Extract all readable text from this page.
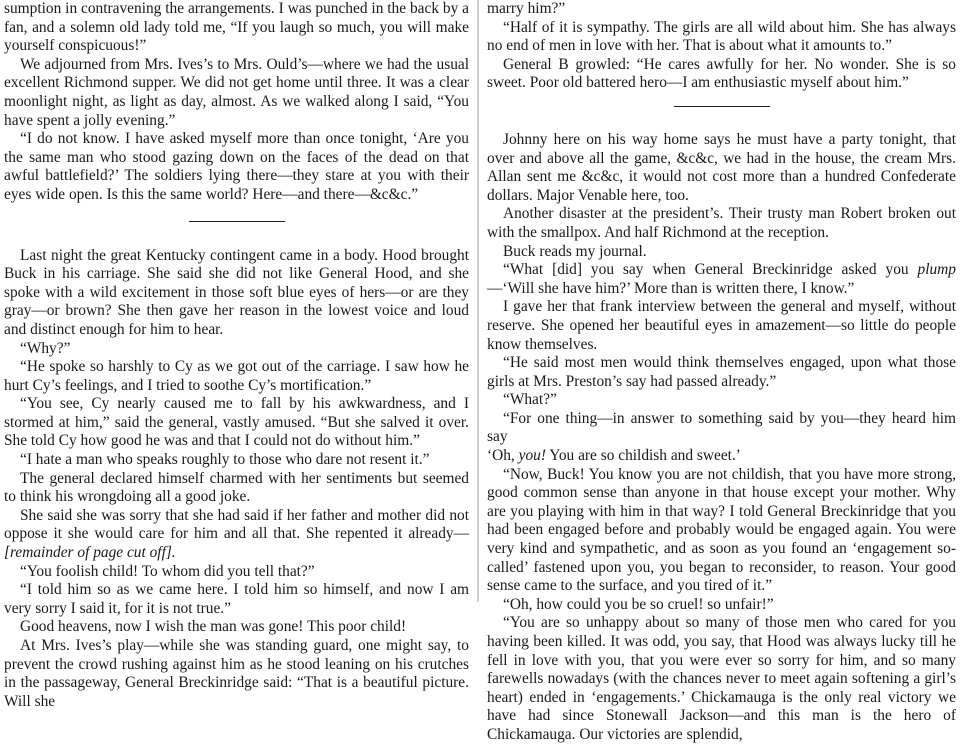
sumption in contravening the arrangements. I was punched in the back by a fan, and a solemn old lady told me, “If you laugh so much, you will make yourself conspicuous!”

We adjourned from Mrs. Ives’s to Mrs. Ould’s—where we had the usual excellent Richmond supper. We did not get home until three. It was a clear moonlight night, as light as day, almost. As we walked along I said, “You have spent a jolly evening.”

“I do not know. I have asked myself more than once tonight, ‘Are you the same man who stood gazing down on the faces of the dead on that awful battlefield?’ The soldiers lying there—they stare at you with their eyes wide open. Is this the same world? Here—and there—&c&c.”

Last night the great Kentucky contingent came in a body. Hood brought Buck in his carriage. She said she did not like General Hood, and she spoke with a wild excitement in those soft blue eyes of hers—or are they gray—or brown? She then gave her reason in the lowest voice and loud and distinct enough for him to hear.

“Why?”

“He spoke so harshly to Cy as we got out of the carriage. I saw how he hurt Cy’s feelings, and I tried to soothe Cy’s mortification.”

“You see, Cy nearly caused me to fall by his awkwardness, and I stormed at him,” said the general, vastly amused. “But she salved it over. She told Cy how good he was and that I could not do without him.”

“I hate a man who speaks roughly to those who dare not resent it.”

The general declared himself charmed with her sentiments but seemed to think his wrongdoing all a good joke.

She said she was sorry that she had said if her father and mother did not oppose it she would care for him and all that. She repented it already—[remainder of page cut off].

“You foolish child! To whom did you tell that?”

“I told him so as we came here. I told him so himself, and now I am very sorry I said it, for it is not true.”

Good heavens, now I wish the man was gone! This poor child!

At Mrs. Ives’s play—while she was standing guard, one might say, to prevent the crowd rushing against him as he stood leaning on his crutches in the passageway, General Breckinridge said: “That is a beautiful picture. Will she

marry him?”

“Half of it is sympathy. The girls are all wild about him. She has always no end of men in love with her. That is about what it amounts to.”

General B growled: “He cares awfully for her. No wonder. She is so sweet. Poor old battered hero—I am enthusiastic myself about him.”

Johnny here on his way home says he must have a party tonight, that over and above all the game, &c&c, we had in the house, the cream Mrs. Allan sent me &c&c, it would not cost more than a hundred Confederate dollars. Major Venable here, too.

Another disaster at the president’s. Their trusty man Robert broken out with the smallpox. And half Richmond at the reception.

Buck reads my journal.

“What [did] you say when General Breckinridge asked you plump—‘Will she have him?’ More than is written there, I know.”

I gave her that frank interview between the general and myself, without reserve. She opened her beautiful eyes in amazement—so little do people know themselves.

“He said most men would think themselves engaged, upon what those girls at Mrs. Preston’s say had passed already.”

“What?”

“For one thing—in answer to something said by you—they heard him say

‘Oh, you! You are so childish and sweet.’

“Now, Buck! You know you are not childish, that you have more strong, good common sense than anyone in that house except your mother. Why are you playing with him in that way? I told General Breckinridge that you had been engaged before and probably would be engaged again. You were very kind and sympathetic, and as soon as you found an ‘engagement so-called’ fastened upon you, you began to reconsider, to reason. Your good sense came to the surface, and you tired of it.”

“Oh, how could you be so cruel! so unfair!”

“You are so unhappy about so many of those men who cared for you having been killed. It was odd, you say, that Hood was always lucky till he fell in love with you, that you were ever so sorry for him, and so many farewells nowadays (with the chances never to meet again softening a girl’s heart) ended in ‘engagements.’ Chickamauga is the only real victory we have had since Stonewall Jackson—and this man is the hero of Chickamauga. Our victories are splendid,
